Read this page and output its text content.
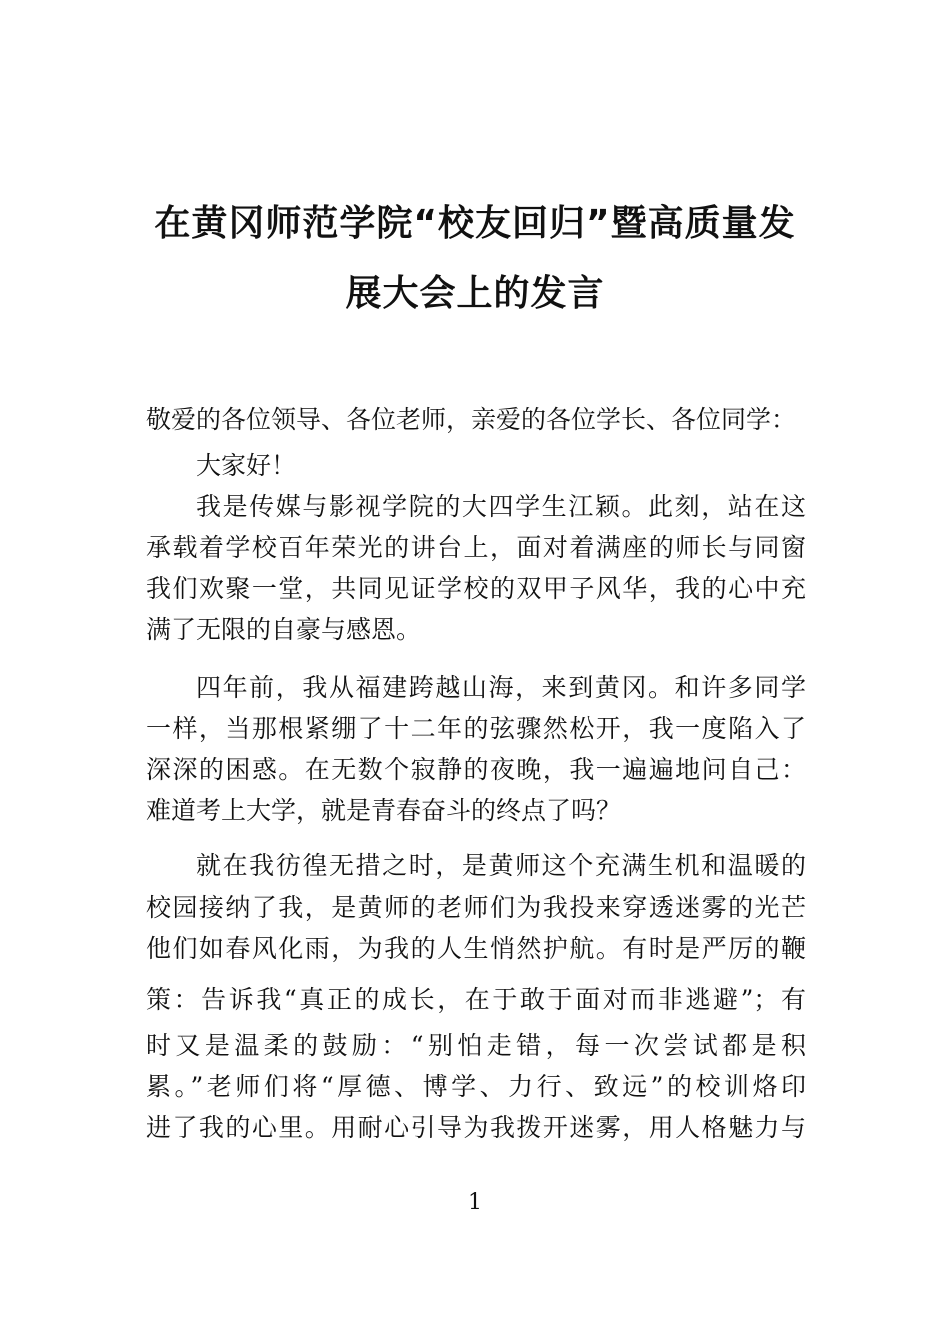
在黄冈师范学院“校友回归”暨高质量发
展大会上的发言
敬爱的各位领导、各位老师，亲爱的各位学长、各位同学：
大家好！
我是传媒与影视学院的大四学生江颖。此刻，站在这
承载着学校百年荣光的讲台上，面对着满座的师长与同窗
我们欢聚一堂，共同见证学校的双甲子风华，我的心中充
满了无限的自豪与感恩。
四年前，我从福建跨越山海，来到黄冈。和许多同学
一样，当那根紧绷了十二年的弦骤然松开，我一度陷入了
深深的困惑。在无数个寂静的夜晚，我一遍遍地问自己：
难道考上大学，就是青春奋斗的终点了吗？
就在我彷徨无措之时，是黄师这个充满生机和温暖的
校园接纳了我，是黄师的老师们为我投来穿透迷雾的光芒
他们如春风化雨，为我的人生悄然护航。有时是严厉的鞭
策：告诉我“真正的成长，在于敢于面对而非逃避”；有
时又是温柔的鼓励：“别怕走错，每一次尝试都是积
累。”老师们将“厚德、博学、力行、致远”的校训烙印
进了我的心里。用耐心引导为我拨开迷雾，用人格魅力与
1
